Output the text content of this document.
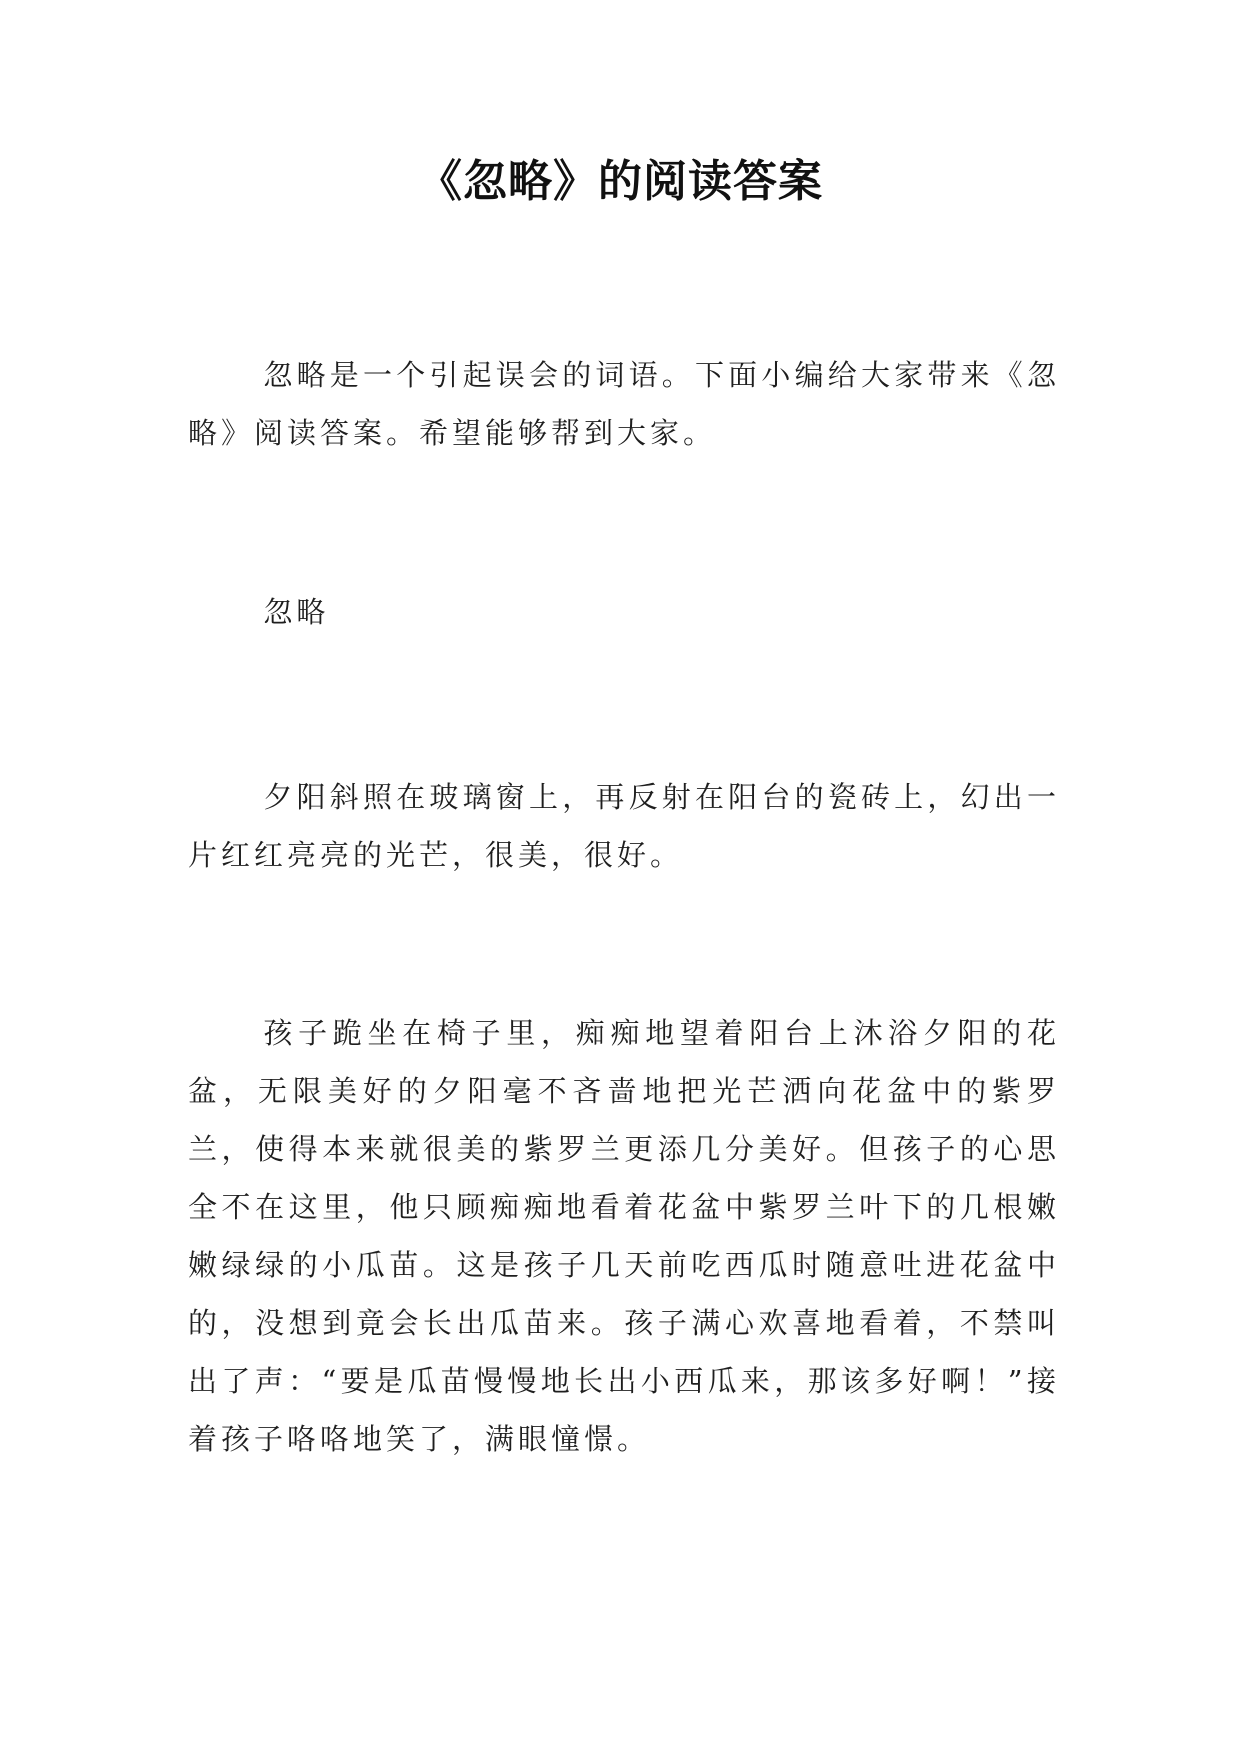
《忽略》的阅读答案

忽略是一个引起误会的词语。下面小编给大家带来《忽略》阅读答案。希望能够帮到大家。

忽略

夕阳斜照在玻璃窗上，再反射在阳台的瓷砖上，幻出一片红红亮亮的光芒，很美，很好。

孩子跪坐在椅子里，痴痴地望着阳台上沐浴夕阳的花盆，无限美好的夕阳毫不吝啬地把光芒洒向花盆中的紫罗兰，使得本来就很美的紫罗兰更添几分美好。但孩子的心思全不在这里，他只顾痴痴地看着花盆中紫罗兰叶下的几根嫩嫩绿绿的小瓜苗。这是孩子几天前吃西瓜时随意吐进花盆中的，没想到竟会长出瓜苗来。孩子满心欢喜地看着，不禁叫出了声：“要是瓜苗慢慢地长出小西瓜来，那该多好啊！”接着孩子咯咯地笑了，满眼憧憬。
